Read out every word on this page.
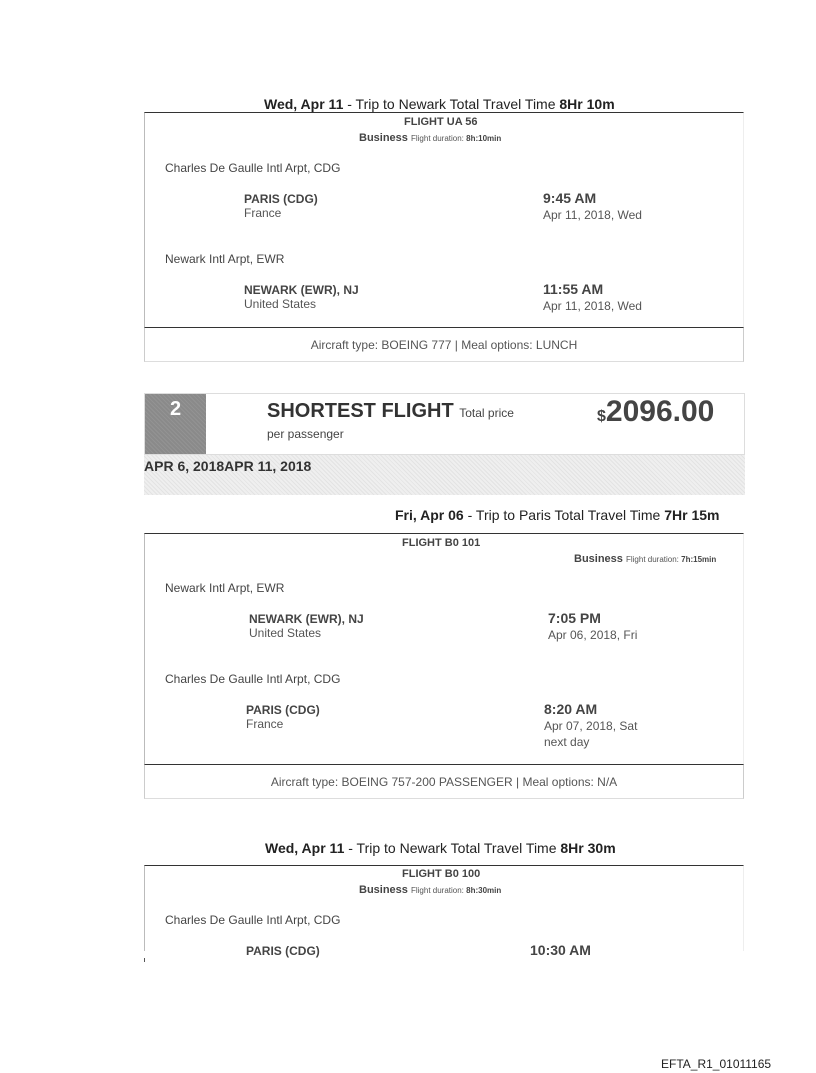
Wed, Apr 11 - Trip to Newark Total Travel Time 8Hr 10m
FLIGHT UA 56
Business Flight duration: 8h:10min
Charles De Gaulle Intl Arpt, CDG
PARIS (CDG)
France
9:45 AM
Apr 11, 2018, Wed
Newark Intl Arpt, EWR
NEWARK (EWR), NJ
United States
11:55 AM
Apr 11, 2018, Wed
Aircraft type: BOEING 777 | Meal options: LUNCH
2	SHORTEST FLIGHT Total price
per passenger
$2096.00
APR 6, 2018APR 11, 2018
Fri, Apr 06 - Trip to Paris Total Travel Time 7Hr 15m
FLIGHT B0 101
Business Flight duration: 7h:15min
Newark Intl Arpt, EWR
NEWARK (EWR), NJ
United States
7:05 PM
Apr 06, 2018, Fri
Charles De Gaulle Intl Arpt, CDG
PARIS (CDG)
France
8:20 AM
Apr 07, 2018, Sat
next day
Aircraft type: BOEING 757-200 PASSENGER | Meal options: N/A
Wed, Apr 11 - Trip to Newark Total Travel Time 8Hr 30m
FLIGHT B0 100
Business Flight duration: 8h:30min
Charles De Gaulle Intl Arpt, CDG
PARIS (CDG)	10:30 AM
EFTA_R1_01011165
